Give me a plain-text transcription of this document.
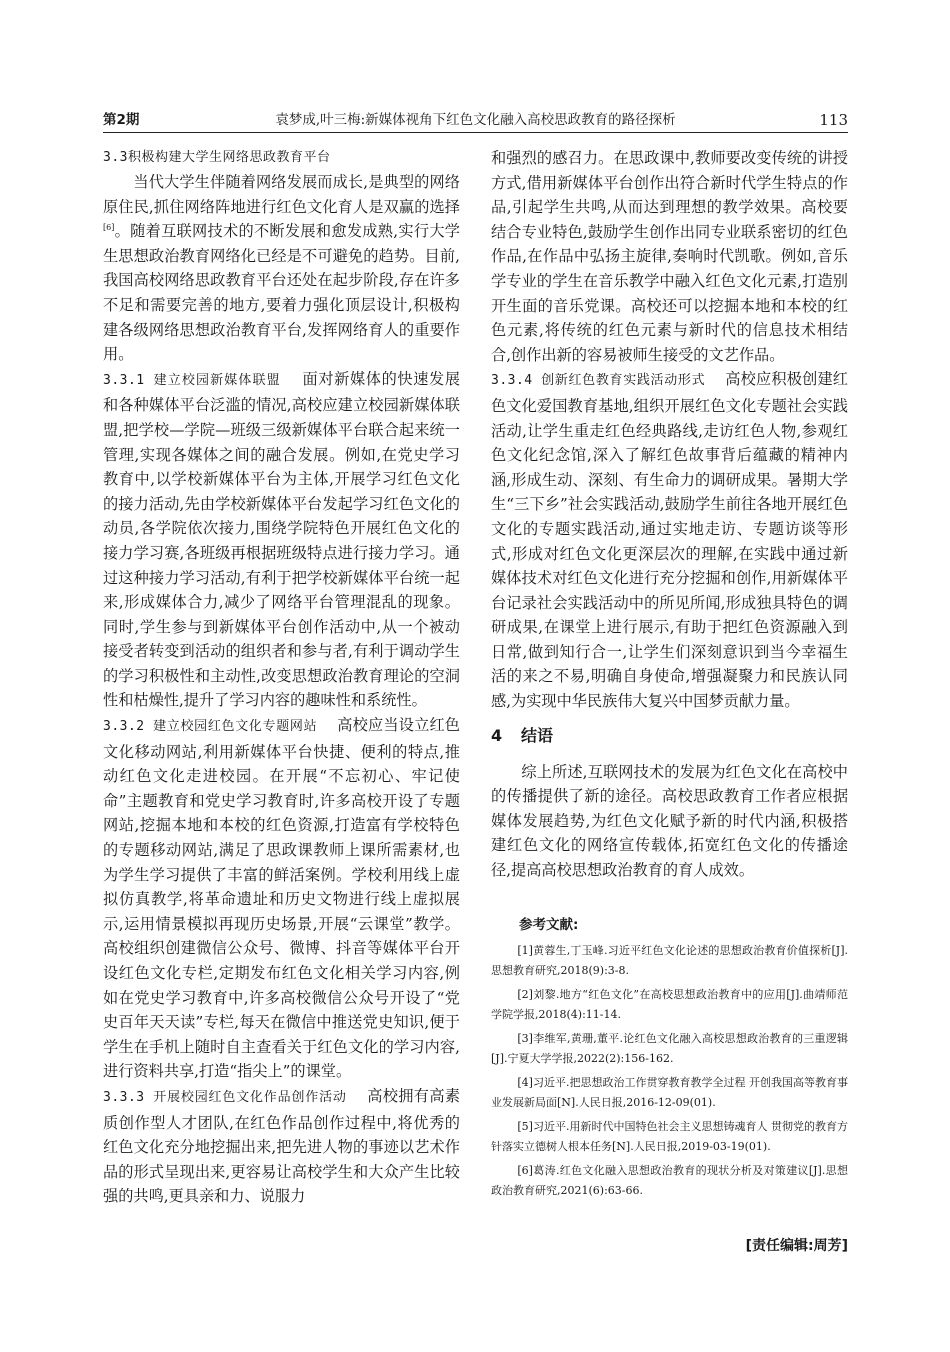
第2期	袁梦成,叶三梅:新媒体视角下红色文化融入高校思政教育的路径探析	113

3.3积极构建大学生网络思政教育平台

当代大学生伴随着网络发展而成长,是典型的网络原住民,抓住网络阵地进行红色文化育人是双赢的选择[6]。随着互联网技术的不断发展和愈发成熟,实行大学生思想政治教育网络化已经是不可避免的趋势。目前,我国高校网络思政教育平台还处在起步阶段,存在许多不足和需要完善的地方,要着力强化顶层设计,积极构建各级网络思想政治教育平台,发挥网络育人的重要作用。

3.3.1 建立校园新媒体联盟 面对新媒体的快速发展和各种媒体平台泛滥的情况,高校应建立校园新媒体联盟,把学校—学院—班级三级新媒体平台联合起来统一管理,实现各媒体之间的融合发展。例如,在党史学习教育中,以学校新媒体平台为主体,开展学习红色文化的接力活动,先由学校新媒体平台发起学习红色文化的动员,各学院依次接力,围绕学院特色开展红色文化的接力学习赛,各班级再根据班级特点进行接力学习。通过这种接力学习活动,有利于把学校新媒体平台统一起来,形成媒体合力,减少了网络平台管理混乱的现象。同时,学生参与到新媒体平台创作活动中,从一个被动接受者转变到活动的组织者和参与者,有利于调动学生的学习积极性和主动性,改变思想政治教育理论的空洞性和枯燥性,提升了学习内容的趣味性和系统性。

3.3.2 建立校园红色文化专题网站 高校应当设立红色文化移动网站,利用新媒体平台快捷、便利的特点,推动红色文化走进校园。在开展“不忘初心、牢记使命”主题教育和党史学习教育时,许多高校开设了专题网站,挖掘本地和本校的红色资源,打造富有学校特色的专题移动网站,满足了思政课教师上课所需素材,也为学生学习提供了丰富的鲜活案例。学校利用线上虚拟仿真教学,将革命遗址和历史文物进行线上虚拟展示,运用情景模拟再现历史场景,开展“云课堂”教学。高校组织创建微信公众号、微博、抖音等媒体平台开设红色文化专栏,定期发布红色文化相关学习内容,例如在党史学习教育中,许多高校微信公众号开设了“党史百年天天读”专栏,每天在微信中推送党史知识,便于学生在手机上随时自主查看关于红色文化的学习内容,进行资料共享,打造“指尖上”的课堂。

3.3.3 开展校园红色文化作品创作活动 高校拥有高素质创作型人才团队,在红色作品创作过程中,将优秀的红色文化充分地挖掘出来,把先进人物的事迹以艺术作品的形式呈现出来,更容易让高校学生和大众产生比较强的共鸣,更具亲和力、说服力

和强烈的感召力。在思政课中,教师要改变传统的讲授方式,借用新媒体平台创作出符合新时代学生特点的作品,引起学生共鸣,从而达到理想的教学效果。高校要结合专业特色,鼓励学生创作出同专业联系密切的红色作品,在作品中弘扬主旋律,奏响时代凯歌。例如,音乐学专业的学生在音乐教学中融入红色文化元素,打造别开生面的音乐党课。高校还可以挖掘本地和本校的红色元素,将传统的红色元素与新时代的信息技术相结合,创作出新的容易被师生接受的文艺作品。

3.3.4 创新红色教育实践活动形式 高校应积极创建红色文化爱国教育基地,组织开展红色文化专题社会实践活动,让学生重走红色经典路线,走访红色人物,参观红色文化纪念馆,深入了解红色故事背后蕴藏的精神内涵,形成生动、深刻、有生命力的调研成果。暑期大学生“三下乡”社会实践活动,鼓励学生前往各地开展红色文化的专题实践活动,通过实地走访、专题访谈等形式,形成对红色文化更深层次的理解,在实践中通过新媒体技术对红色文化进行充分挖掘和创作,用新媒体平台记录社会实践活动中的所见所闻,形成独具特色的调研成果,在课堂上进行展示,有助于把红色资源融入到日常,做到知行合一,让学生们深刻意识到当今幸福生活的来之不易,明确自身使命,增强凝聚力和民族认同感,为实现中华民族伟大复兴中国梦贡献力量。

4 结语

综上所述,互联网技术的发展为红色文化在高校中的传播提供了新的途径。高校思政教育工作者应根据媒体发展趋势,为红色文化赋予新的时代内涵,积极搭建红色文化的网络宣传载体,拓宽红色文化的传播途径,提高高校思想政治教育的育人成效。

参考文献:

[1]黄蓉生,丁玉峰.习近平红色文化论述的思想政治教育价值探析[J].思想教育研究,2018(9):3-8.

[2]刘黎.地方“红色文化”在高校思想政治教育中的应用[J].曲靖师范学院学报,2018(4):11-14.

[3]李维军,黄珊,董平.论红色文化融入高校思想政治教育的三重逻辑[J].宁夏大学学报,2022(2):156-162.

[4]习近平.把思想政治工作贯穿教育教学全过程 开创我国高等教育事业发展新局面[N].人民日报,2016-12-09(01).

[5]习近平.用新时代中国特色社会主义思想铸魂育人 贯彻党的教育方针落实立德树人根本任务[N].人民日报,2019-03-19(01).

[6]葛涛.红色文化融入思想政治教育的现状分析及对策建议[J].思想政治教育研究,2021(6):63-66.

[责任编辑:周芳]
